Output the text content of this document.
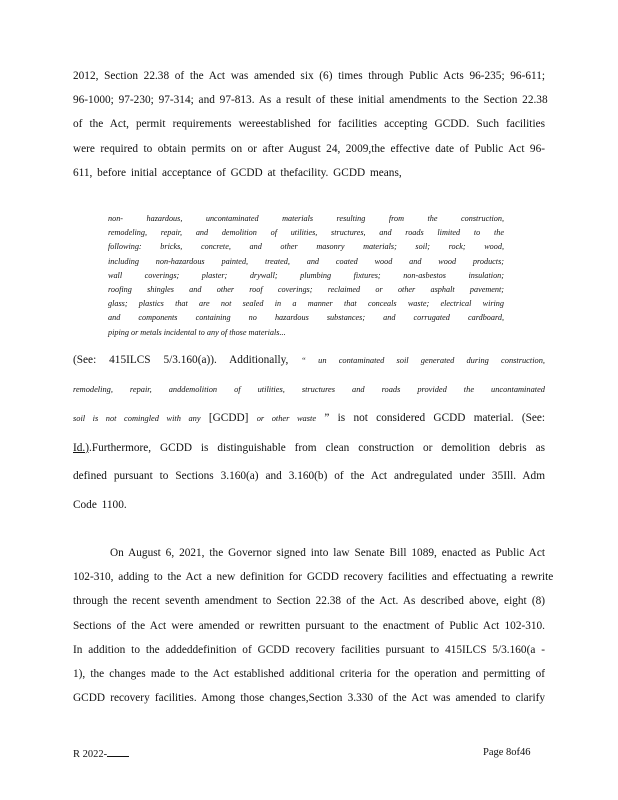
2012, Section 22.38 of the Act was amended six (6) times through Public Acts 96-235; 96-611;
96-1000; 97-230; 97-314; and 97-813. As a result of these initial amendments to the Section 22.38
of the Act, permit requirements wereestablished for facilities accepting GCDD. Such facilities
were required to obtain permits on or after August 24, 2009,the effective date of Public Act 96-
611, before initial acceptance of GCDD at thefacility. GCDD means,
non- hazardous, uncontaminated materials resulting from the construction,
remodeling, repair, and demolition of utilities, structures, and roads limited to the
following: bricks, concrete, and other masonry materials; soil; rock; wood,
including non-hazardous painted, treated, and coated wood and wood products;
wall coverings; plaster; drywall; plumbing fixtures; non-asbestos insulation;
roofing shingles and other roof coverings; reclaimed or other asphalt pavement;
glass; plastics that are not sealed in a manner that conceals waste; electrical wiring
and components containing no hazardous substances; and corrugated cardboard,
piping or metals incidental to any of those materials...
(See: 415ILCS 5/3.160(a)). Additionally, “ un contaminated soil generated during construction,
remodeling, repair, anddemolition of utilities, structures and roads provided the uncontaminated
soil is not comingled with any [GCDD] or other waste ” is not considered GCDD material. (See:
Id.).Furthermore, GCDD is distinguishable from clean construction or demolition debris as
defined pursuant to Sections 3.160(a) and 3.160(b) of the Act andregulated under 35Ill. Adm
Code 1100.
On August 6, 2021, the Governor signed into law Senate Bill 1089, enacted as Public Act
102-310, adding to the Act a new definition for GCDD recovery facilities and effectuating a rewrite
through the recent seventh amendment to Section 22.38 of the Act. As described above, eight (8)
Sections of the Act were amended or rewritten pursuant to the enactment of Public Act 102-310.
In addition to the addeddefinition of GCDD recovery facilities pursuant to 415ILCS 5/3.160(a -
1), the changes made to the Act established additional criteria for the operation and permitting of
GCDD recovery facilities. Among those changes,Section 3.330 of the Act was amended to clarify
R 2022-	Page 8of46
